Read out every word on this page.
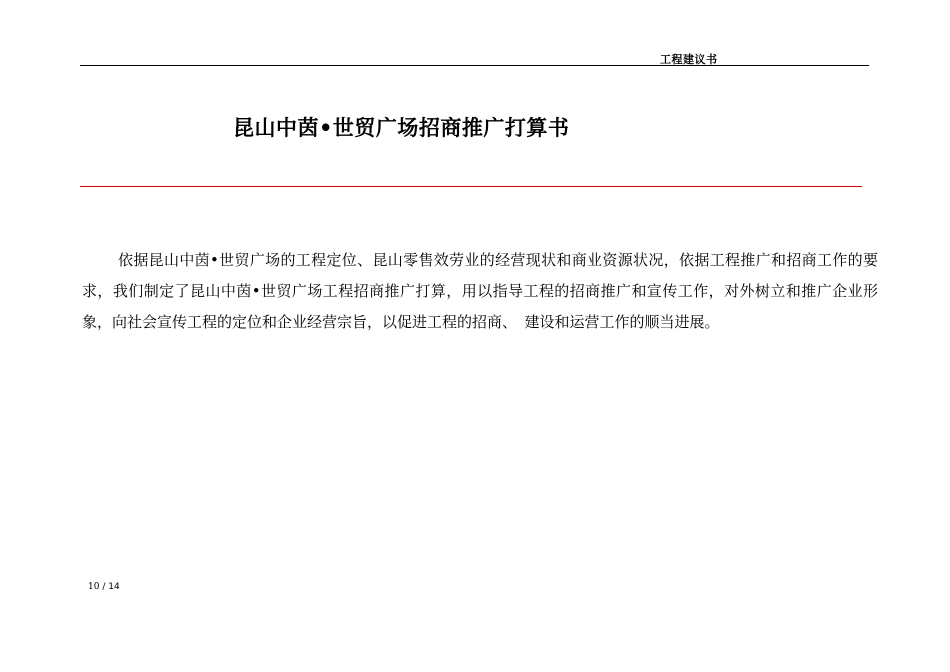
工程建议书
昆山中茵•世贸广场招商推广打算书

依据昆山中茵•世贸广场的工程定位、昆山零售效劳业的经营现状和商业资源状况，依据工程推广和招商工作的要求，我们制定了昆山中茵•世贸广场工程招商推广打算，用以指导工程的招商推广和宣传工作，对外树立和推广企业形象，向社会宣传工程的定位和企业经营宗旨，以促进工程的招商、　建设和运营工作的顺当进展。

10 / 14
